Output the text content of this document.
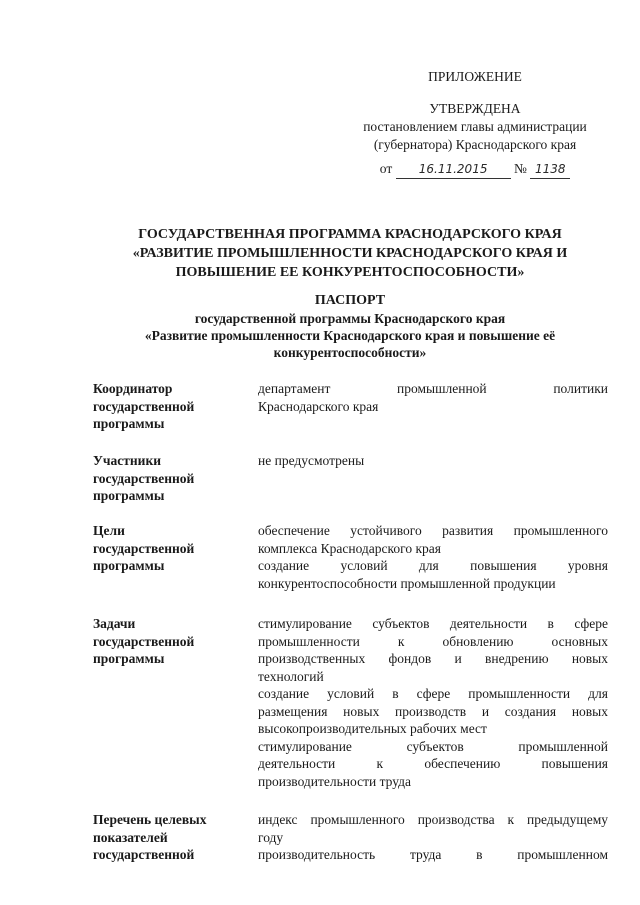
ПРИЛОЖЕНИЕ
УТВЕРЖДЕНА
постановлением главы администрации
(губернатора) Краснодарского края
от 16.11.2015 № 1138
ГОСУДАРСТВЕННАЯ ПРОГРАММА КРАСНОДАРСКОГО КРАЯ
«РАЗВИТИЕ ПРОМЫШЛЕННОСТИ КРАСНОДАРСКОГО КРАЯ И
ПОВЫШЕНИЕ ЕЕ КОНКУРЕНТОСПОСОБНОСТИ»
ПАСПОРТ
государственной программы Краснодарского края
«Развитие промышленности Краснодарского края и повышение её
конкурентоспособности»
Координатор
государственной
программы

департамент промышленной политики

Краснодарского края

Участники
государственной
программы

не предусмотрены

Цели
государственной
программы

обеспечение устойчивого развития промышленного

комплекса Краснодарского края

создание условий для повышения уровня

конкурентоспособности промышленной продукции

Задачи
государственной
программы

стимулирование субъектов деятельности в сфере

промышленности к обновлению основных

производственных фондов и внедрению новых

технологий

создание условий в сфере промышленности для

размещения новых производств и создания новых

высокопроизводительных рабочих мест

стимулирование субъектов промышленной

деятельности к обеспечению повышения

производительности труда

Перечень целевых
показателей
государственной

индекс промышленного производства к предыдущему

году

производительность труда в промышленном
